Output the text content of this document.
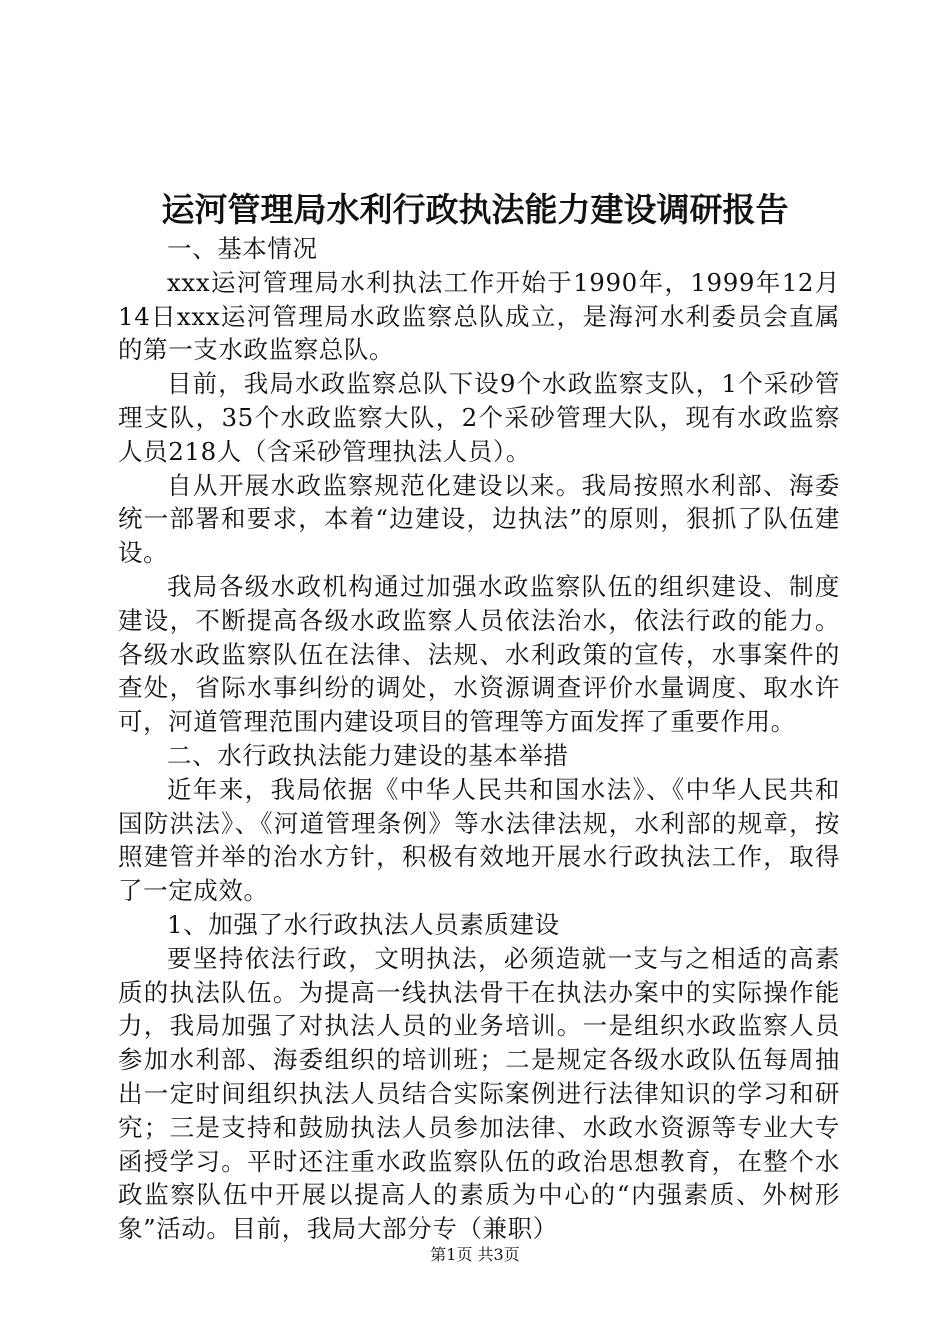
运河管理局水利行政执法能力建设调研报告

一、基本情况

xxx运河管理局水利执法工作开始于1990年，1999年12月14日xxx运河管理局水政监察总队成立，是海河水利委员会直属的第一支水政监察总队。

目前，我局水政监察总队下设9个水政监察支队，1个采砂管理支队，35个水政监察大队，2个采砂管理大队，现有水政监察人员218人（含采砂管理执法人员）。

自从开展水政监察规范化建设以来。我局按照水利部、海委统一部署和要求，本着“边建设，边执法”的原则，狠抓了队伍建设。

我局各级水政机构通过加强水政监察队伍的组织建设、制度建设，不断提高各级水政监察人员依法治水，依法行政的能力。各级水政监察队伍在法律、法规、水利政策的宣传，水事案件的查处，省际水事纠纷的调处，水资源调查评价水量调度、取水许可，河道管理范围内建设项目的管理等方面发挥了重要作用。

二、水行政执法能力建设的基本举措

近年来，我局依据《中华人民共和国水法》、《中华人民共和国防洪法》、《河道管理条例》等水法律法规，水利部的规章，按照建管并举的治水方针，积极有效地开展水行政执法工作，取得了一定成效。

1、加强了水行政执法人员素质建设

要坚持依法行政，文明执法，必须造就一支与之相适的高素质的执法队伍。为提高一线执法骨干在执法办案中的实际操作能力，我局加强了对执法人员的业务培训。一是组织水政监察人员参加水利部、海委组织的培训班；二是规定各级水政队伍每周抽出一定时间组织执法人员结合实际案例进行法律知识的学习和研究；三是支持和鼓励执法人员参加法律、水政水资源等专业大专函授学习。平时还注重水政监察队伍的政治思想教育，在整个水政监察队伍中开展以提高人的素质为中心的“内强素质、外树形象”活动。目前，我局大部分专（兼职）

第1页 共3页
